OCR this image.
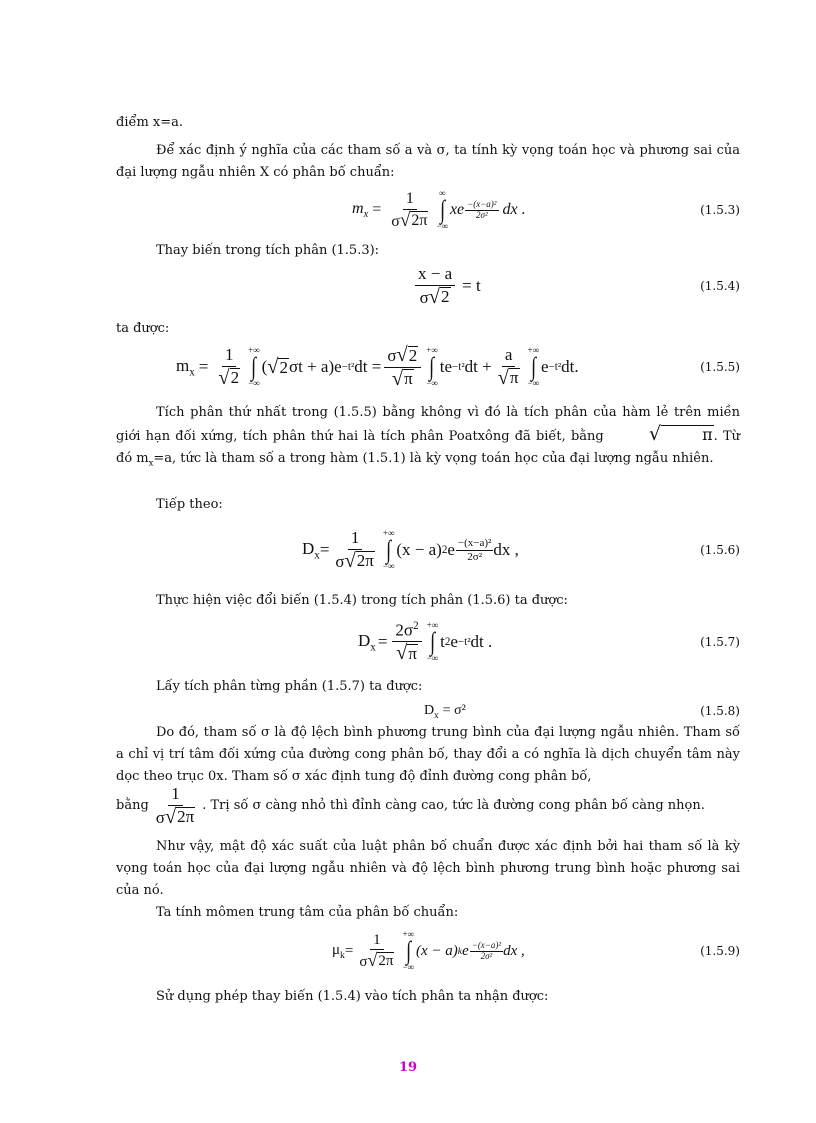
điểm x=a.

Để xác định ý nghĩa của các tham số a và σ, ta tính kỳ vọng toán học và phương sai của đại lượng ngẫu nhiên X có phân bố chuẩn:

$m_x = \frac{1}{\sigma √ 2\pi}$ ∞
∫
−∞
xe $\frac{\text{−(x−a)²}}{\text{2σ²}}$ dx .	(1.5.3)

Thay biến trong tích phân (1.5.3):

$\frac{x - a}{\sigma √ 2} = t$	(1.5.4)

ta được:

$m_x = \frac{1}{√ 2}$ +∞
∫
−∞
( √ 2 σt + a)e −t² dt = $\frac{\sigma √ 2}{√ \pi}$ +∞
∫
−∞
te −t² dt + $\frac{a}{√ \pi}$ +∞
∫
−∞
e −t² dt.	(1.5.5)

Tích phân thứ nhất trong (1.5.5) bằng không vì đó là tích phân của hàm lẻ trên miền giới hạn đối xứng, tích phân thứ hai là tích phân Poatxông đã biết, bằng	√	π . Từ đó $m_x=a$, tức là tham số a trong hàm (1.5.1) là kỳ vọng toán học của đại lượng ngẫu nhiên.

Tiếp theo:

$D_x = \frac{1}{\sigma √ 2\pi}$ +∞
∫
−∞
(x − a) 2 e $\frac{\text{−(x−a)²}}{\text{2σ²}}$ dx ,	(1.5.6)

Thực hiện việc đổi biến (1.5.4) trong tích phân (1.5.6) ta được:

$D_x = \frac{2\sigma^2}{√ \pi}$ +∞
∫
−∞
t 2 e −t² dt .	(1.5.7)

Lấy tích phân từng phần (1.5.7) ta được:

$D_x = \sigma^2$	(1.5.8)

Do đó, tham số σ là độ lệch bình phương trung bình của đại lượng ngẫu nhiên. Tham số a chỉ vị trí tâm đối xứng của đường cong phân bố, thay đổi a có nghĩa là dịch chuyển tâm này dọc theo trục 0x. Tham số σ xác định tung độ đỉnh đường cong phân bố,

bằng $\frac{1}{\sigma √ 2\pi}$ . Trị số σ càng nhỏ thì đỉnh càng cao, tức là đường cong phân bố càng nhọn.

Như vậy, mật độ xác suất của luật phân bố chuẩn được xác định bởi hai tham số là kỳ vọng toán học của đại lượng ngẫu nhiên và độ lệch bình phương trung bình hoặc phương sai của nó.

Ta tính mômen trung tâm của phân bố chuẩn:

$\mu_k = \frac{1}{\sigma √ 2\pi}$ +∞
∫
−∞
(x − a) k e $\frac{\text{−(x−a)²}}{\text{2σ²}}$ dx ,	(1.5.9)

Sử dụng phép thay biến (1.5.4) vào tích phân ta nhận được:

19
